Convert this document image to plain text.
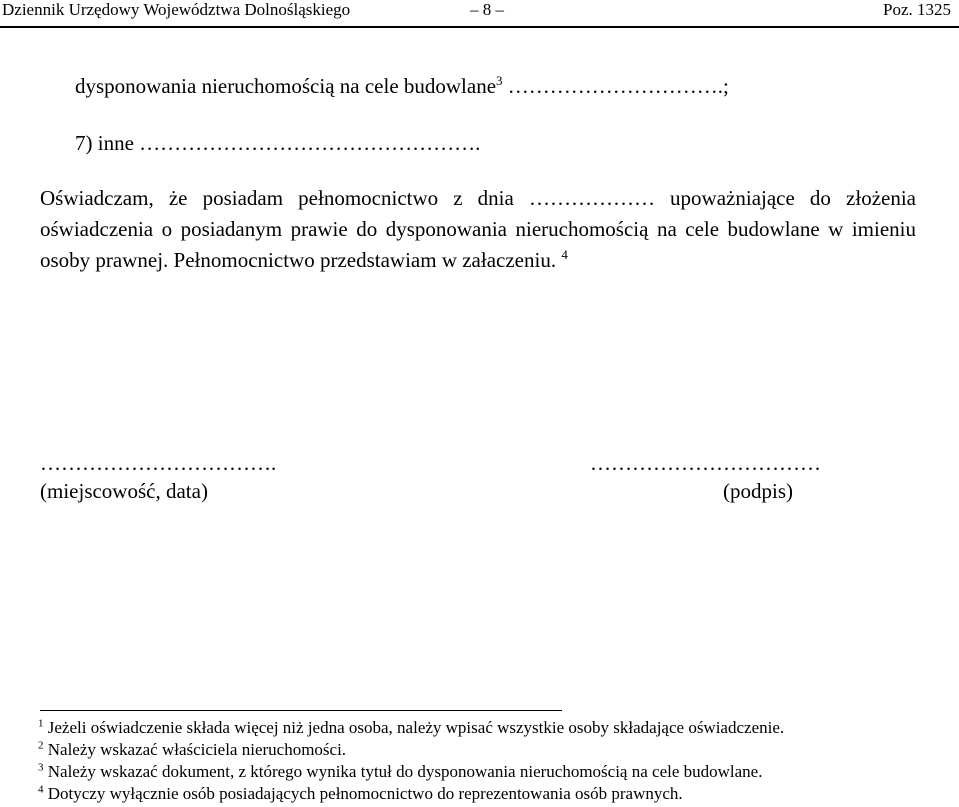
Dziennik Urzędowy Województwa Dolnośląskiego	– 8 –	Poz. 1325
dysponowania nieruchomością na cele budowlane$^3$ ………………………….;
7) inne ………………………………………….
Oświadczam, że posiadam pełnomocnictwo z dnia ……………… upoważniające do złożenia oświadczenia o posiadanym prawie do dysponowania nieruchomością na cele budowlane w imieniu osoby prawnej. Pełnomocnictwo przedstawiam w załaczeniu. $^4$
…………………………….
(miejscowość, data)
……………………………
(podpis)
$^1$ Jeżeli oświadczenie składa więcej niż jedna osoba, należy wpisać wszystkie osoby składające oświadczenie.
$^2$ Należy wskazać właściciela nieruchomości.
$^3$ Należy wskazać dokument, z którego wynika tytuł do dysponowania nieruchomością na cele budowlane.
$^4$ Dotyczy wyłącznie osób posiadających pełnomocnictwo do reprezentowania osób prawnych.
